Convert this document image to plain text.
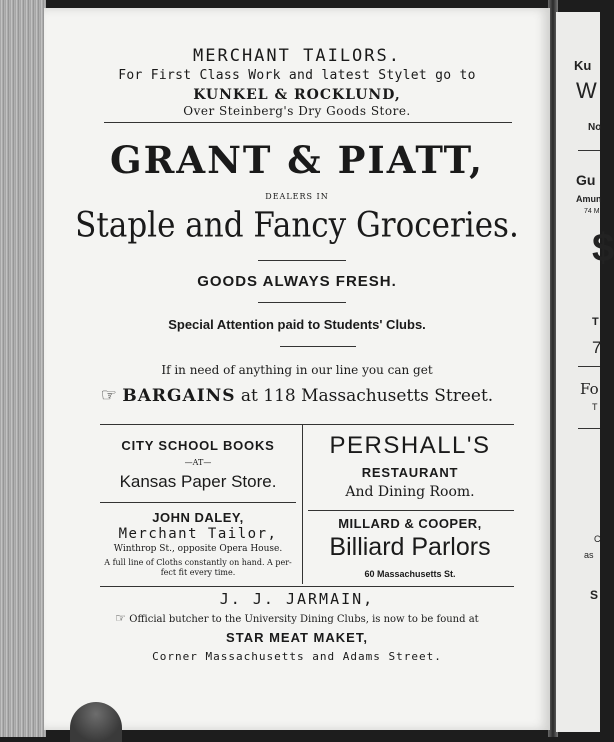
Ku
W
No
Gu
Amun
74 M
$
T
7
Fo
T
C
as
S
MERCHANT TAILORS.
For First Class Work and latest Stylet go to
KUNKEL & ROCKLUND,
Over Steinberg's Dry Goods Store.
GRANT & PIATT,
DEALERS IN
Staple and Fancy Groceries.
GOODS ALWAYS FRESH.
Special Attention paid to Students' Clubs.
If in need of anything in our line you can get
☞ BARGAINS at 118 Massachusetts Street.
CITY SCHOOL BOOKS
—AT—
Kansas Paper Store.
JOHN DALEY,
Merchant Tailor,
Winthrop St., opposite Opera House.
A full line of Cloths constantly on hand. A per-
fect fit every time.
PERSHALL'S
RESTAURANT
And Dining Room.
MILLARD & COOPER,
Billiard Parlors
60 Massachusetts St.
J. J. JARMAIN,
☞ Official butcher to the University Dining Clubs, is now to be found at
STAR MEAT MAKET,
Corner Massachusetts and Adams Street.
